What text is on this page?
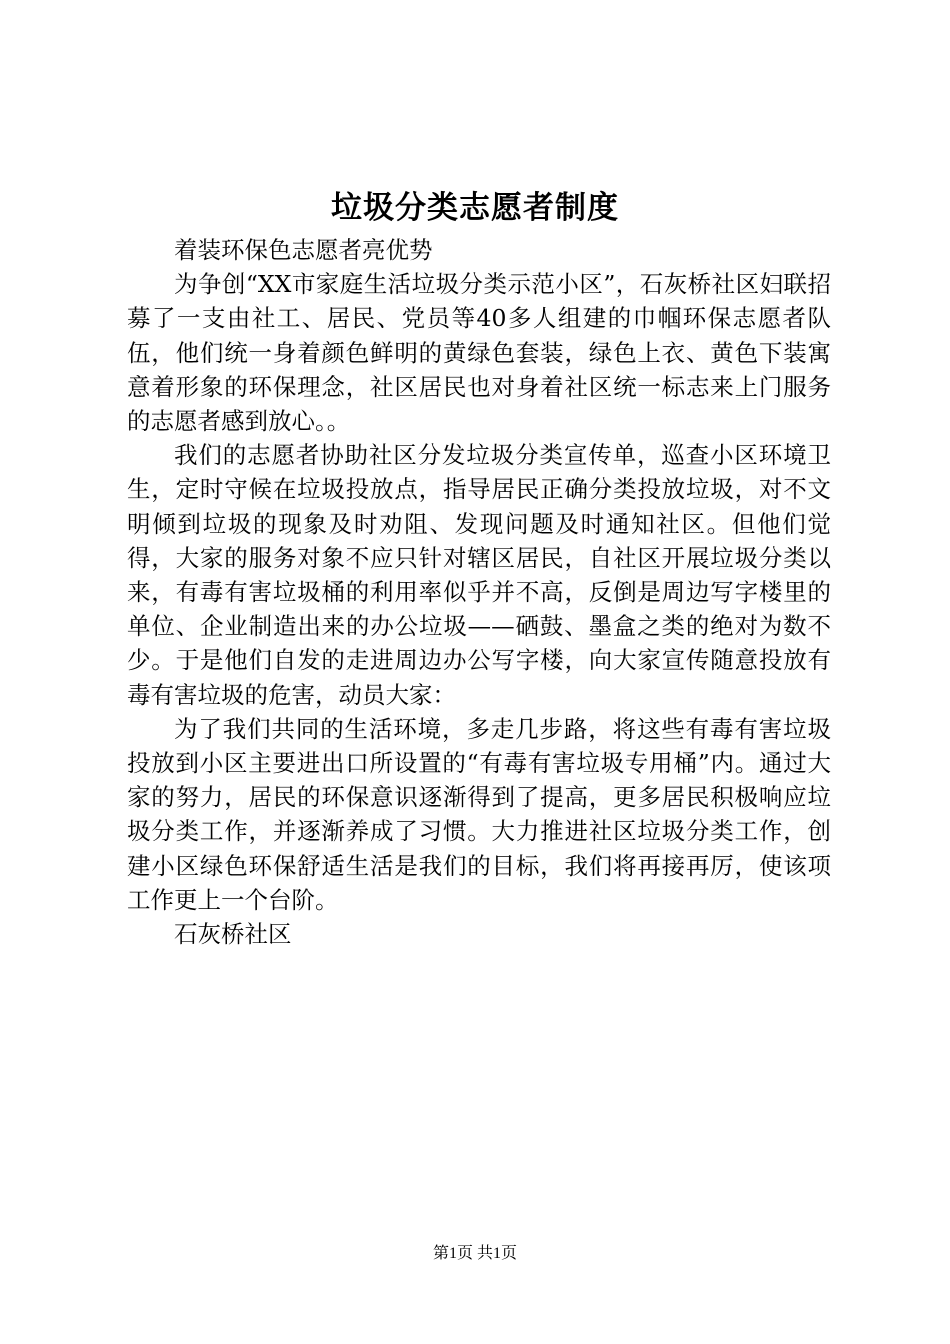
垃圾分类志愿者制度

着装环保色志愿者亮优势

为争创“XX市家庭生活垃圾分类示范小区”，石灰桥社区妇联招募了一支由社工、居民、党员等40多人组建的巾帼环保志愿者队伍，他们统一身着颜色鲜明的黄绿色套装，绿色上衣、黄色下装寓意着形象的环保理念，社区居民也对身着社区统一标志来上门服务的志愿者感到放心。。

我们的志愿者协助社区分发垃圾分类宣传单，巡查小区环境卫生，定时守候在垃圾投放点，指导居民正确分类投放垃圾，对不文明倾到垃圾的现象及时劝阻、发现问题及时通知社区。但他们觉得，大家的服务对象不应只针对辖区居民，自社区开展垃圾分类以来，有毒有害垃圾桶的利用率似乎并不高，反倒是周边写字楼里的单位、企业制造出来的办公垃圾——硒鼓、墨盒之类的绝对为数不少。于是他们自发的走进周边办公写字楼，向大家宣传随意投放有毒有害垃圾的危害，动员大家：

为了我们共同的生活环境，多走几步路，将这些有毒有害垃圾投放到小区主要进出口所设置的“有毒有害垃圾专用桶”内。通过大家的努力，居民的环保意识逐渐得到了提高，更多居民积极响应垃圾分类工作，并逐渐养成了习惯。大力推进社区垃圾分类工作，创建小区绿色环保舒适生活是我们的目标，我们将再接再厉，使该项工作更上一个台阶。

石灰桥社区

第1页 共1页
